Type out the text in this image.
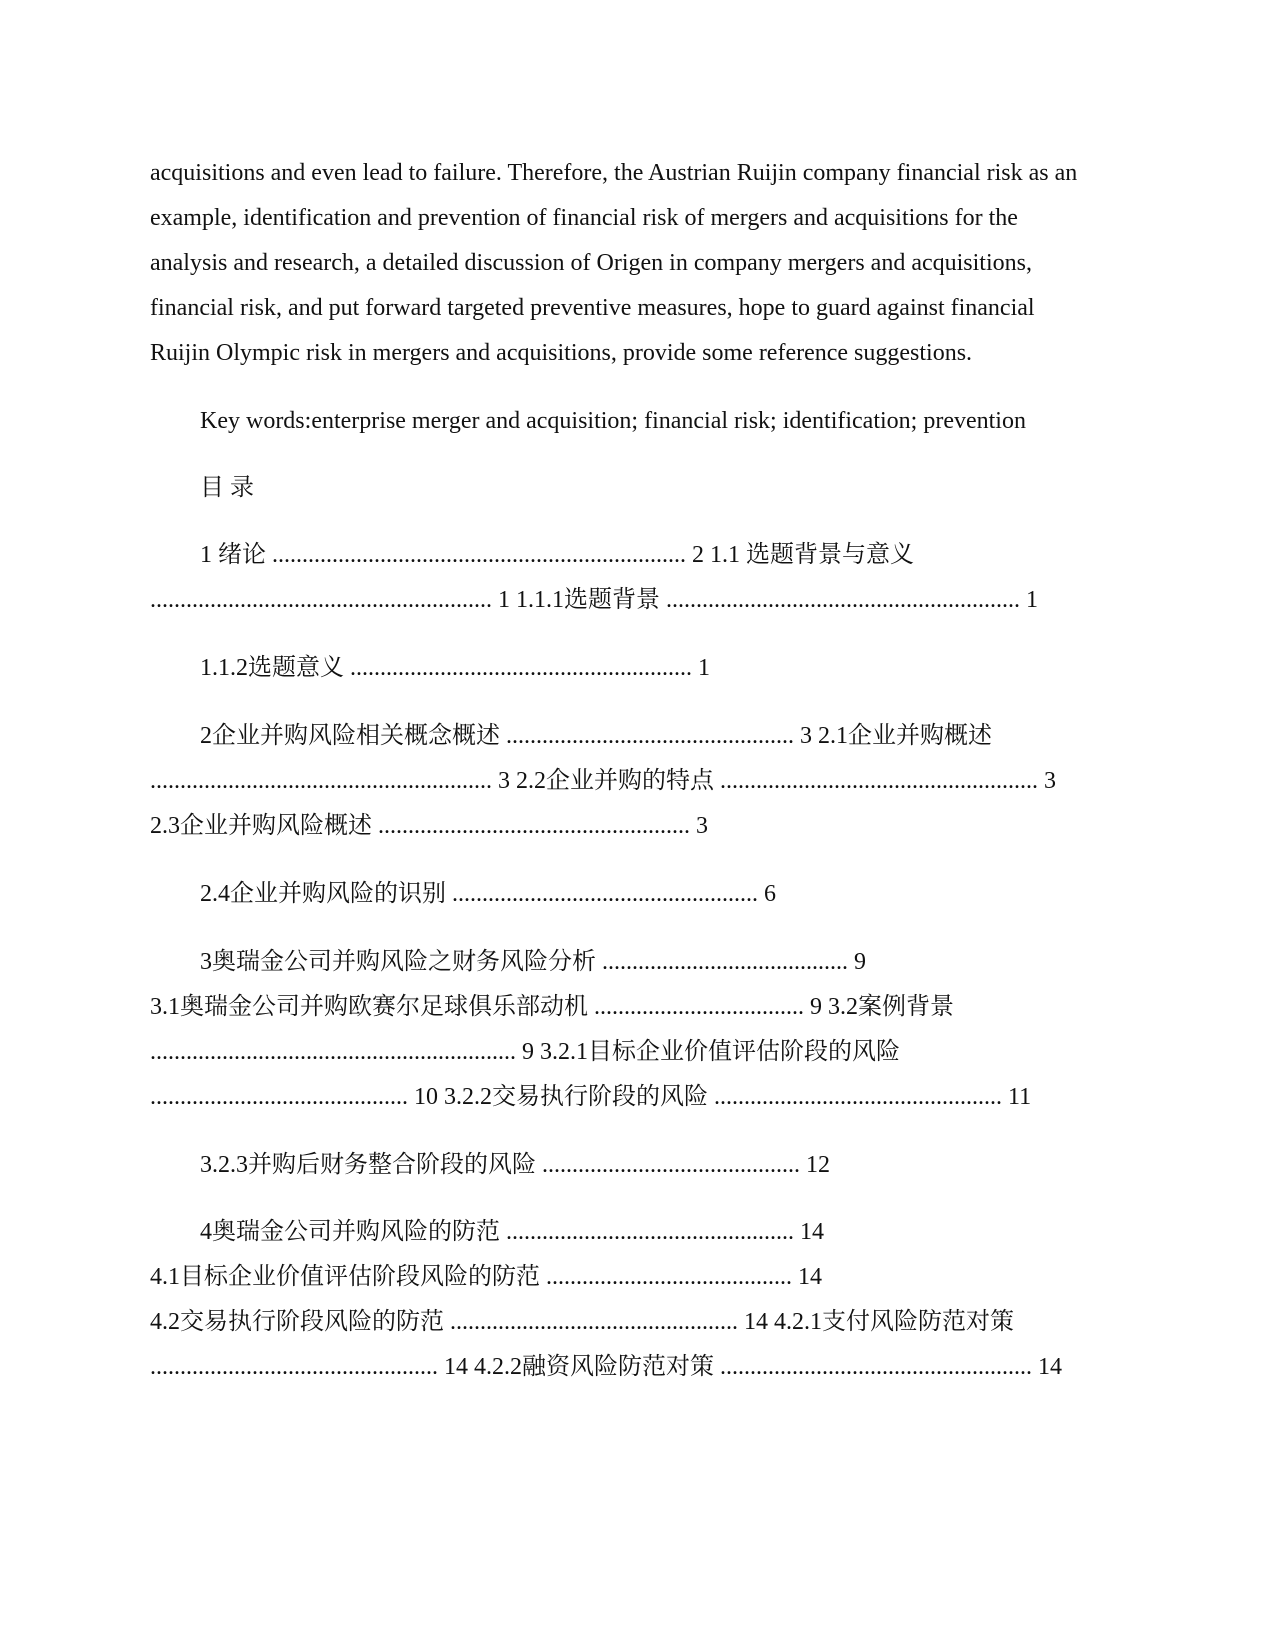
acquisitions and even lead to failure. Therefore, the Austrian Ruijin company financial risk as an
example, identification and prevention of financial risk of mergers and acquisitions for the
analysis and research, a detailed discussion of Origen in company mergers and acquisitions,
financial risk, and put forward targeted preventive measures, hope to guard against financial
Ruijin Olympic risk in mergers and acquisitions, provide some reference suggestions.
Key words:enterprise merger and acquisition; financial risk; identification; prevention
目 录
1 绪论 ..................................................................... 2 1.1 选题背景与意义
......................................................... 1 1.1.1选题背景 ........................................................... 1
1.1.2选题意义 ......................................................... 1
2企业并购风险相关概念概述 ................................................ 3 2.1企业并购概述
......................................................... 3 2.2企业并购的特点 ..................................................... 3
2.3企业并购风险概述 .................................................... 3
2.4企业并购风险的识别 ................................................... 6
3奥瑞金公司并购风险之财务风险分析 ......................................... 9
3.1奥瑞金公司并购欧赛尔足球俱乐部动机 ................................... 9 3.2案例背景
............................................................. 9 3.2.1目标企业价值评估阶段的风险
........................................... 10 3.2.2交易执行阶段的风险 ................................................ 11
3.2.3并购后财务整合阶段的风险 ........................................... 12
4奥瑞金公司并购风险的防范 ................................................ 14
4.1目标企业价值评估阶段风险的防范 ......................................... 14
4.2交易执行阶段风险的防范 ................................................ 14 4.2.1支付风险防范对策
................................................ 14 4.2.2融资风险防范对策 .................................................... 14
